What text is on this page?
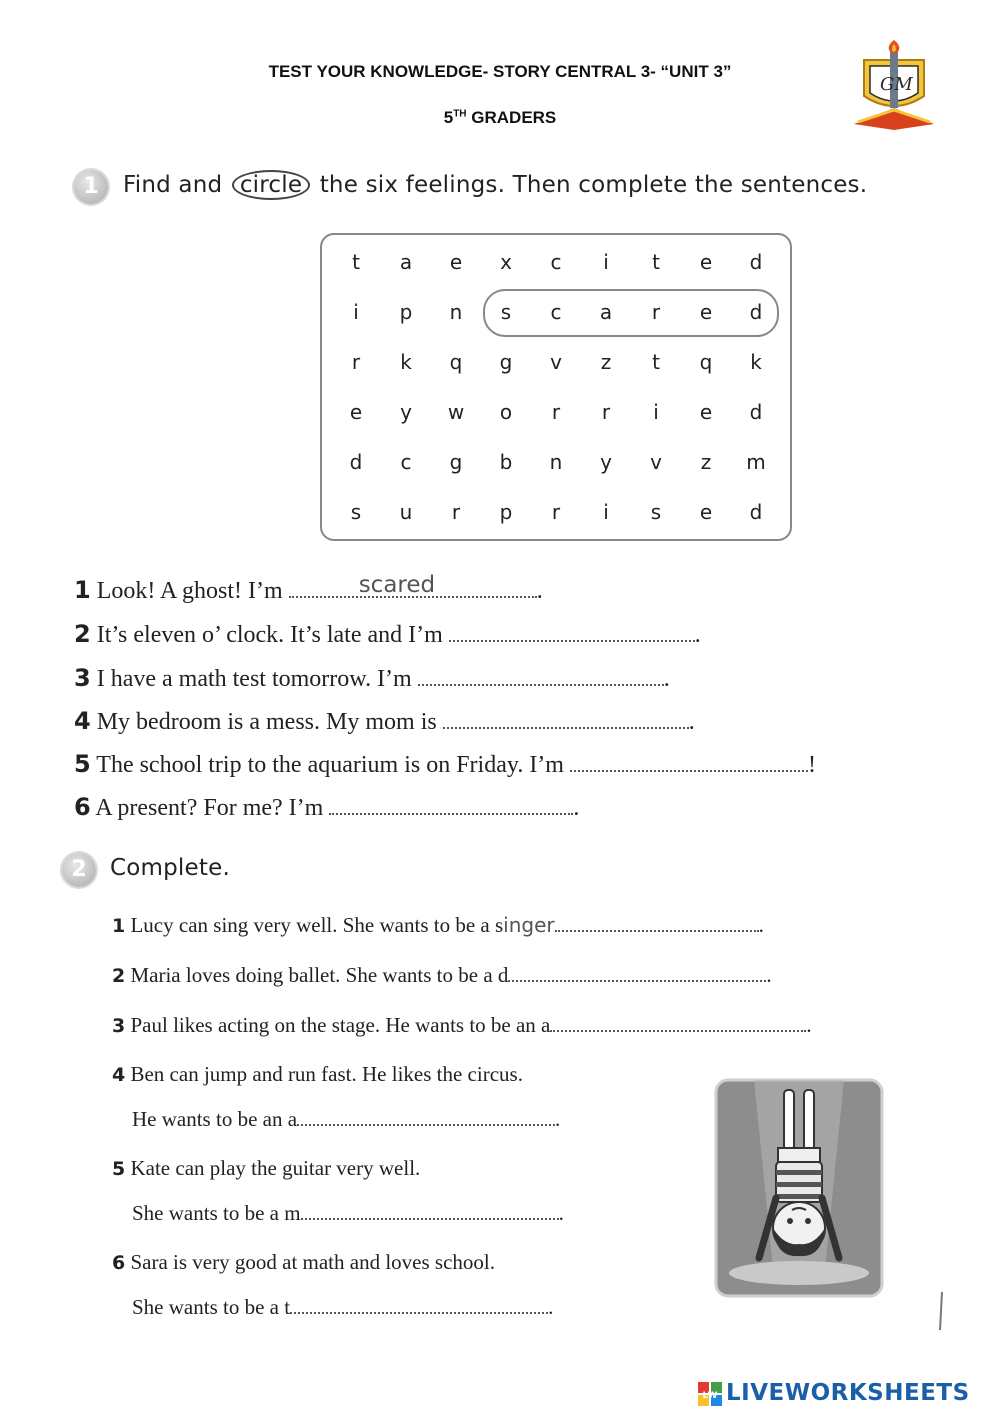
TEST YOUR KNOWLEDGE- STORY CENTRAL 3- “UNIT 3”
5TH GRADERS
GM
1	Find and circle the six feelings. Then complete the sentences.
t	a	e	x	c	i	t	e	d
i	p	n	s	c	a	r	e	d
r	k	q	g	v	z	t	q	k
e	y	w	o	r	r	i	e	d
d	c	g	b	n	y	v	z	m
s	u	r	p	r	i	s	e	d
1 Look! A ghost! I’m	scared	.
2 It’s eleven o’ clock. It’s late and I’m	.
3 I have a math test tomorrow. I’m	.
4 My bedroom is a mess. My mom is	.
5 The school trip to the aquarium is on Friday. I’m	!
6 A present? For me? I’m	.
2	Complete.
1 Lucy can sing very well. She wants to be a singer	.
2 Maria loves doing ballet. She wants to be a d	.
3 Paul likes acting on the stage. He wants to be an a	.
4 Ben can jump and run fast. He likes the circus.
He wants to be an a	.
5 Kate can play the guitar very well.
She wants to be a m	.
6 Sara is very good at math and loves school.
She wants to be a t	.
LW LIVEWORKSHEETS
